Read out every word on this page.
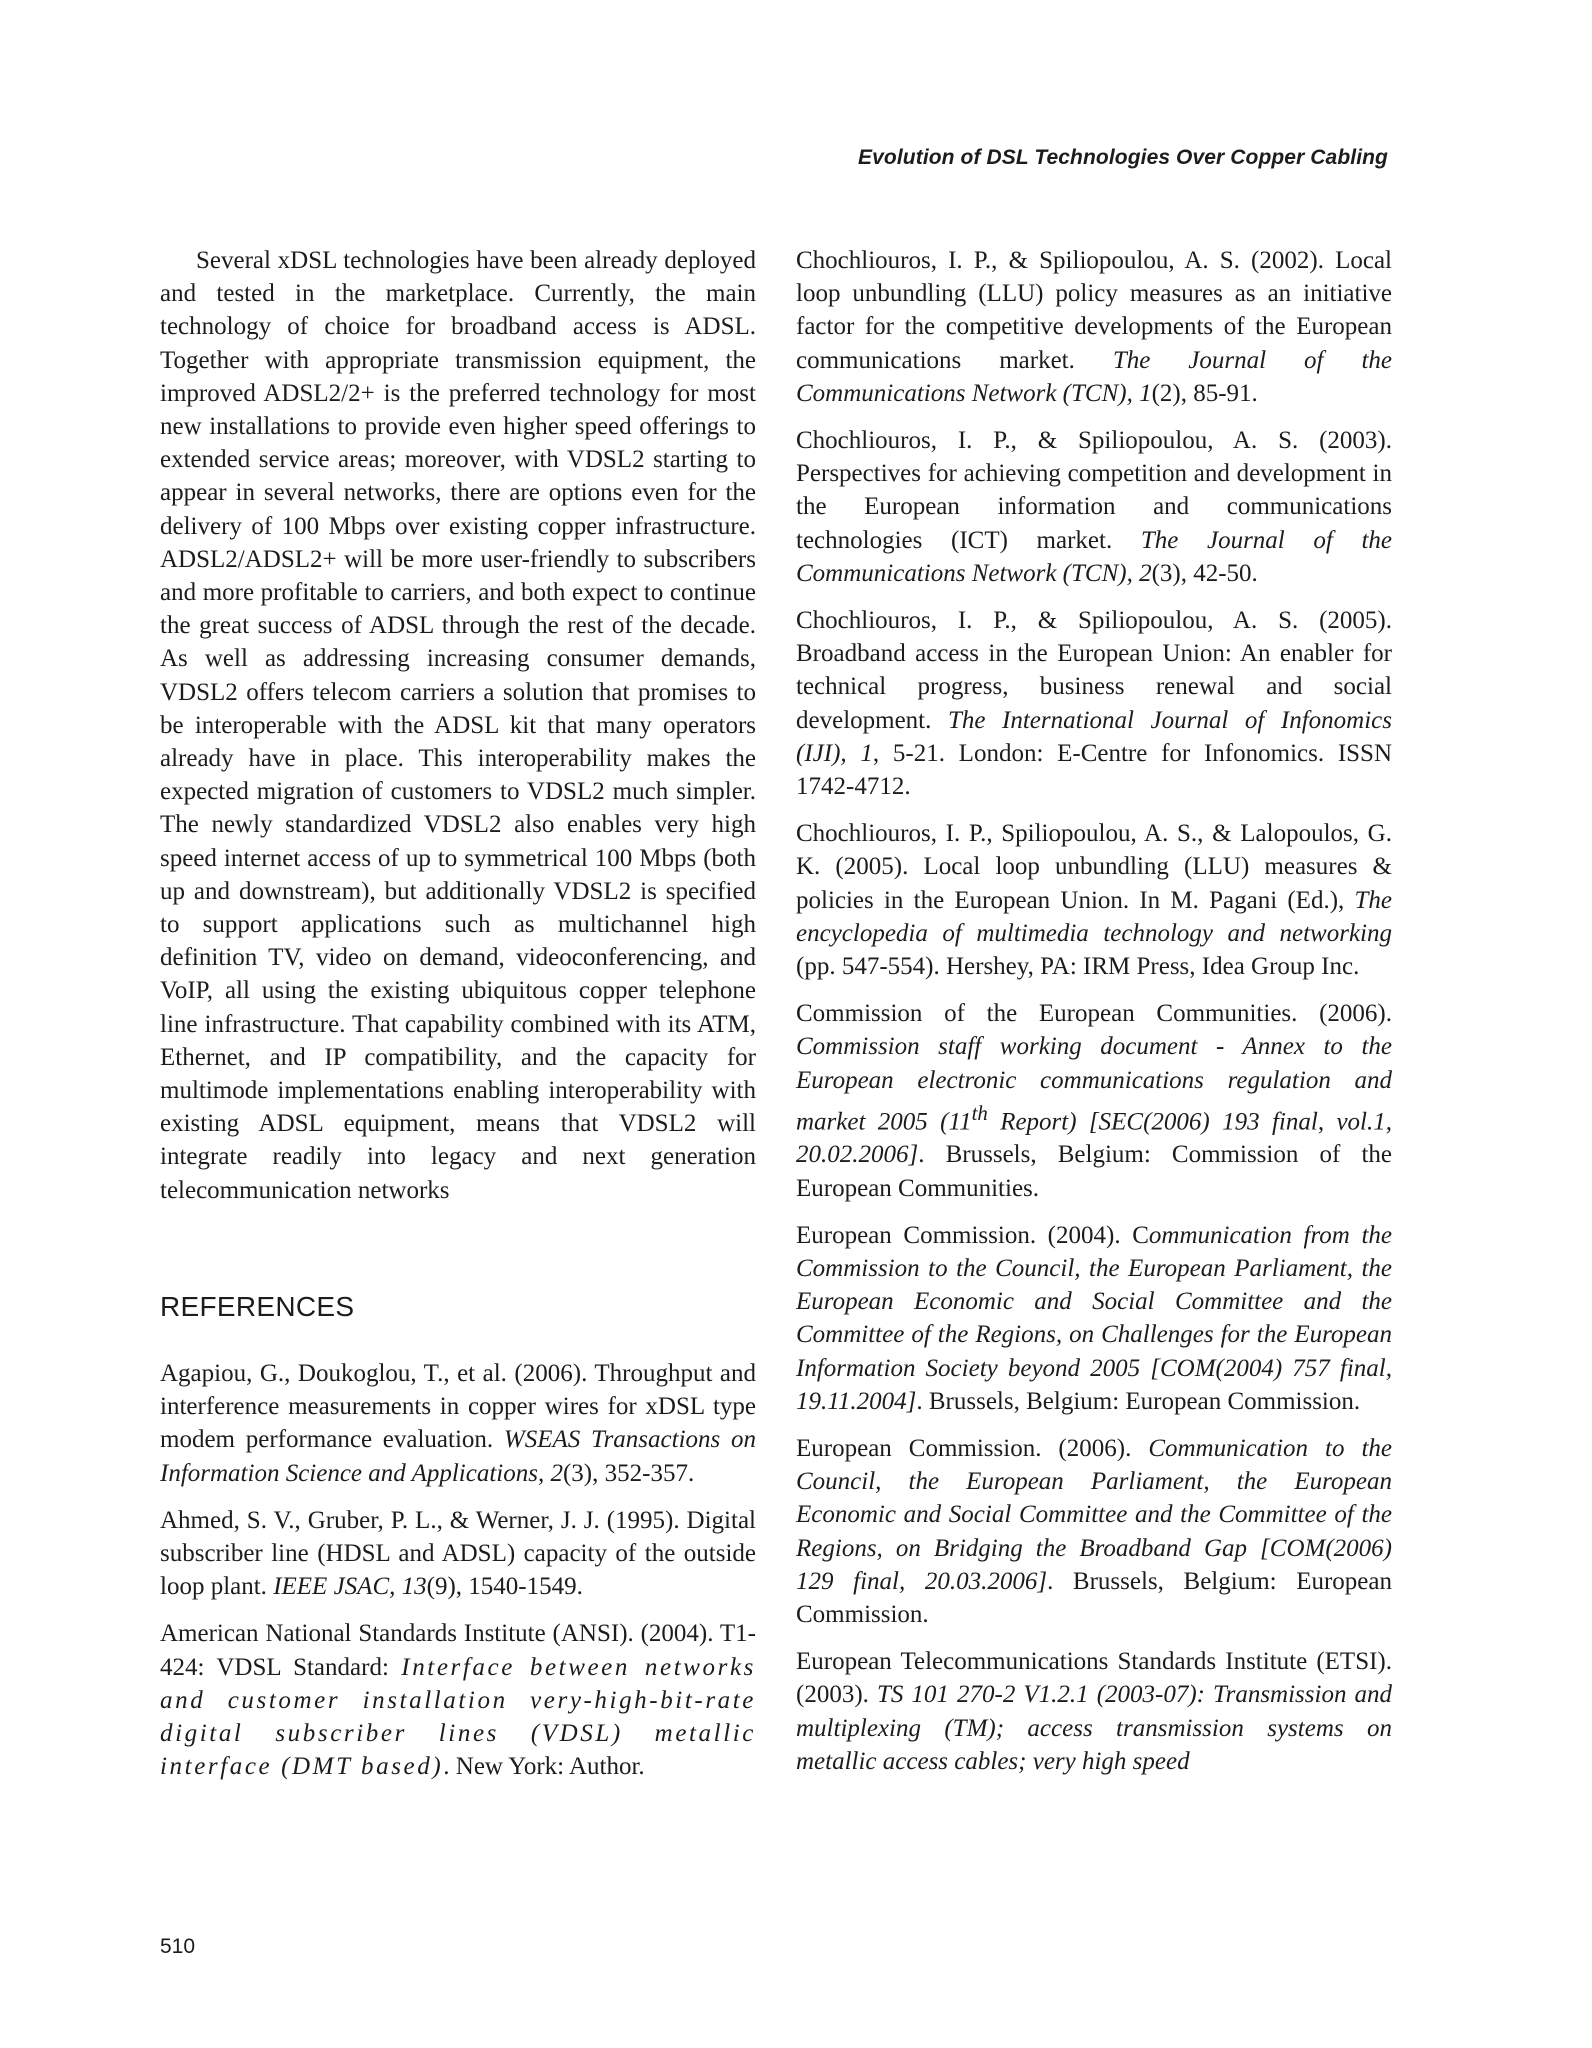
Evolution of DSL Technologies Over Copper Cabling

Several xDSL technologies have been already deployed and tested in the marketplace. Currently, the main technology of choice for broadband access is ADSL. Together with appropriate transmission equipment, the improved ADSL2/2+ is the preferred technology for most new installations to provide even higher speed offerings to extended service areas; moreover, with VDSL2 starting to appear in several networks, there are options even for the delivery of 100 Mbps over existing copper infrastructure. ADSL2/ADSL2+ will be more user-friendly to subscribers and more profitable to carriers, and both expect to continue the great success of ADSL through the rest of the decade. As well as addressing increasing consumer demands, VDSL2 offers telecom carriers a solution that promises to be interoperable with the ADSL kit that many operators already have in place. This interoperability makes the expected migration of customers to VDSL2 much simpler. The newly standardized VDSL2 also enables very high speed internet access of up to symmetrical 100 Mbps (both up and downstream), but additionally VDSL2 is specified to support applications such as multichannel high definition TV, video on demand, videoconferencing, and VoIP, all using the existing ubiquitous copper telephone line infrastructure. That capability combined with its ATM, Ethernet, and IP compatibility, and the capacity for multimode implementations enabling interoperability with existing ADSL equipment, means that VDSL2 will integrate readily into legacy and next generation telecommunication networks

REFERENCES

Agapiou, G., Doukoglou, T., et al. (2006). Throughput and interference measurements in copper wires for xDSL type modem performance evaluation. WSEAS Transactions on Information Science and Applications, 2(3), 352-357.

Ahmed, S. V., Gruber, P. L., & Werner, J. J. (1995). Digital subscriber line (HDSL and ADSL) capacity of the outside loop plant. IEEE JSAC, 13(9), 1540-1549.

American National Standards Institute (ANSI). (2004). T1-424: VDSL Standard: Interface between networks and customer installation very-high-bit-rate digital subscriber lines (VDSL) metallic interface (DMT based). New York: Author.

Chochliouros, I. P., & Spiliopoulou, A. S. (2002). Local loop unbundling (LLU) policy measures as an initiative factor for the competitive developments of the European communications market. The Journal of the Communications Network (TCN), 1(2), 85-91.

Chochliouros, I. P., & Spiliopoulou, A. S. (2003). Perspectives for achieving competition and development in the European information and communications technologies (ICT) market. The Journal of the Communications Network (TCN), 2(3), 42-50.

Chochliouros, I. P., & Spiliopoulou, A. S. (2005). Broadband access in the European Union: An enabler for technical progress, business renewal and social development. The International Journal of Infonomics (IJI), 1, 5-21. London: E-Centre for Infonomics. ISSN 1742-4712.

Chochliouros, I. P., Spiliopoulou, A. S., & Lalopoulos, G. K. (2005). Local loop unbundling (LLU) measures & policies in the European Union. In M. Pagani (Ed.), The encyclopedia of multimedia technology and networking (pp. 547-554). Hershey, PA: IRM Press, Idea Group Inc.

Commission of the European Communities. (2006). Commission staff working document - Annex to the European electronic communications regulation and market 2005 (11th Report) [SEC(2006) 193 final, vol.1, 20.02.2006]. Brussels, Belgium: Commission of the European Communities.

European Commission. (2004). Communication from the Commission to the Council, the European Parliament, the European Economic and Social Committee and the Committee of the Regions, on Challenges for the European Information Society beyond 2005 [COM(2004) 757 final, 19.11.2004]. Brussels, Belgium: European Commission.

European Commission. (2006). Communication to the Council, the European Parliament, the European Economic and Social Committee and the Committee of the Regions, on Bridging the Broadband Gap [COM(2006) 129 final, 20.03.2006]. Brussels, Belgium: European Commission.

European Telecommunications Standards Institute (ETSI). (2003). TS 101 270-2 V1.2.1 (2003-07): Transmission and multiplexing (TM); access transmission systems on metallic access cables; very high speed

510
